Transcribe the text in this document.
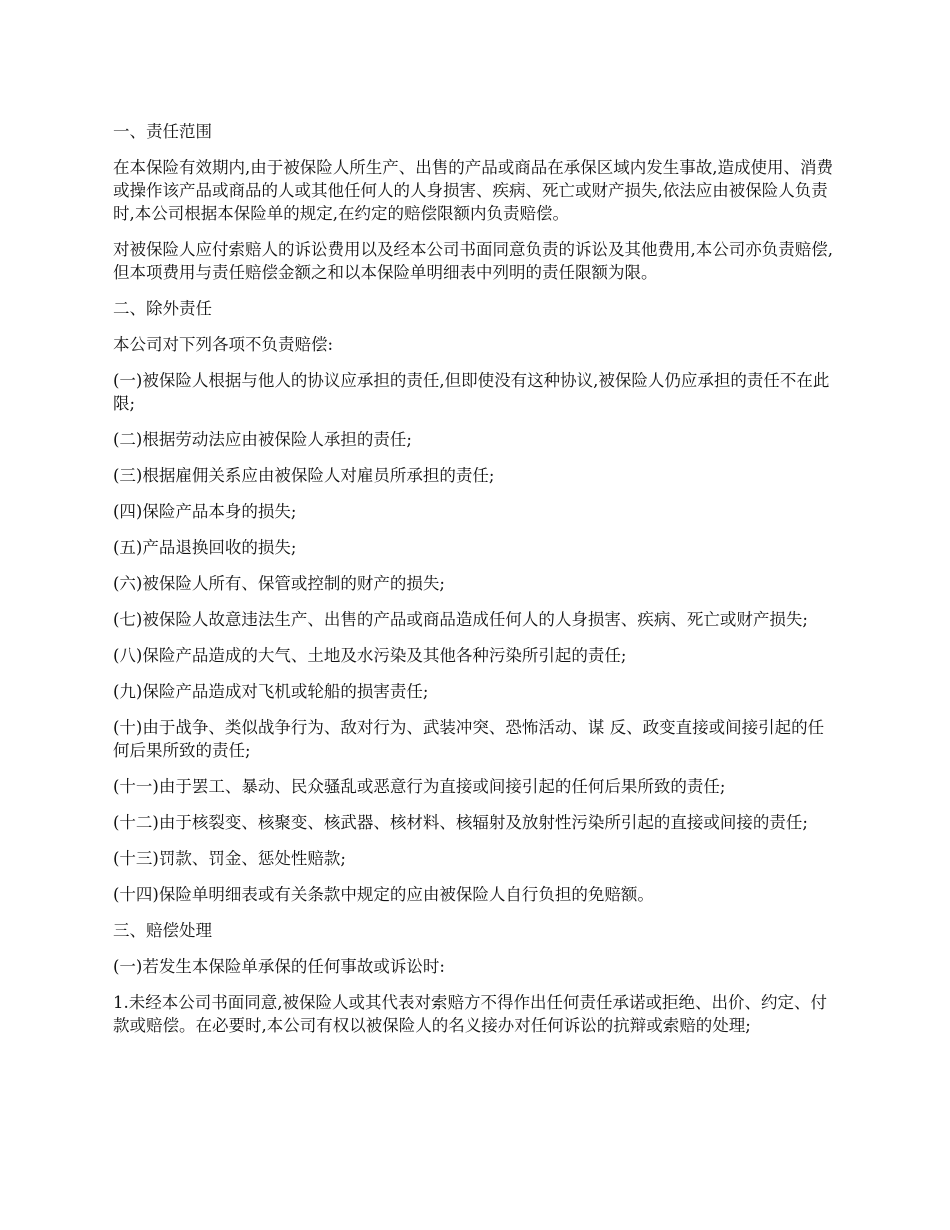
一、责任范围

在本保险有效期内,由于被保险人所生产、出售的产品或商品在承保区域内发生事故,造成使用、消费或操作该产品或商品的人或其他任何人的人身损害、疾病、死亡或财产损失,依法应由被保险人负责时,本公司根据本保险单的规定,在约定的赔偿限额内负责赔偿。

对被保险人应付索赔人的诉讼费用以及经本公司书面同意负责的诉讼及其他费用,本公司亦负责赔偿,但本项费用与责任赔偿金额之和以本保险单明细表中列明的责任限额为限。

二、除外责任

本公司对下列各项不负责赔偿:

(一)被保险人根据与他人的协议应承担的责任,但即使没有这种协议,被保险人仍应承担的责任不在此限;

(二)根据劳动法应由被保险人承担的责任;

(三)根据雇佣关系应由被保险人对雇员所承担的责任;

(四)保险产品本身的损失;

(五)产品退换回收的损失;

(六)被保险人所有、保管或控制的财产的损失;

(七)被保险人故意违法生产、出售的产品或商品造成任何人的人身损害、疾病、死亡或财产损失;

(八)保险产品造成的大气、土地及水污染及其他各种污染所引起的责任;

(九)保险产品造成对飞机或轮船的损害责任;

(十)由于战争、类似战争行为、敌对行为、武装冲突、恐怖活动、谋 反、政变直接或间接引起的任何后果所致的责任;

(十一)由于罢工、暴动、民众骚乱或恶意行为直接或间接引起的任何后果所致的责任;

(十二)由于核裂变、核聚变、核武器、核材料、核辐射及放射性污染所引起的直接或间接的责任;

(十三)罚款、罚金、惩处性赔款;

(十四)保险单明细表或有关条款中规定的应由被保险人自行负担的免赔额。

三、赔偿处理

(一)若发生本保险单承保的任何事故或诉讼时:

1.未经本公司书面同意,被保险人或其代表对索赔方不得作出任何责任承诺或拒绝、出价、约定、付款或赔偿。在必要时,本公司有权以被保险人的名义接办对任何诉讼的抗辩或索赔的处理;
